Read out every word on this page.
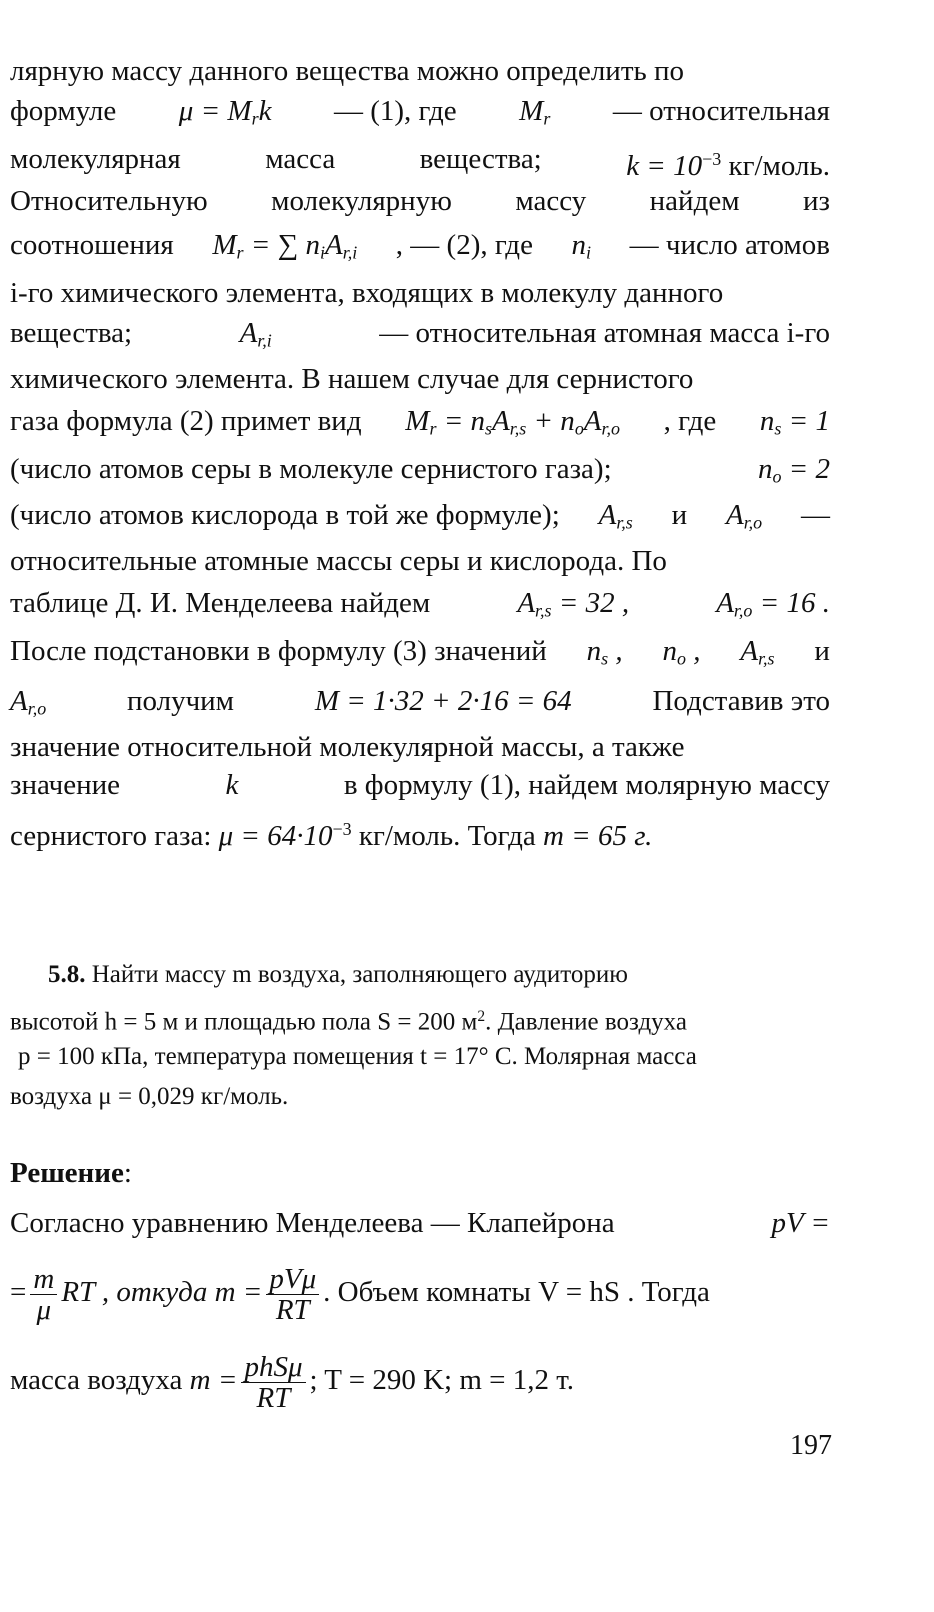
лярную массу данного вещества можно определить по
формуле $\mu = M_rk$ — (1), где $M_r$ — относительная
молекулярная	масса	вещества;	$k = 10^{-3}$ кг/моль.
Относительную молекулярную массу найдем из
соотношения $M_r$ = ∑ $n_iA_{r,i}$ , — (2), где $n_i$ — число атомов
i-го химического элемента, входящих в молекулу данного
вещества;	$A_{r,i}$	— относительная атомная масса i-го
химического элемента. В нашем случае для сернистого
газа формула (2) примет вид $M_r = n_sA_{r,s} + n_oA_{r,o}$ , где $n_s = 1$
(число атомов серы в молекуле сернистого газа);	$n_o = 2$
(число атомов кислорода в той же формуле); $A_{r,s}$ и $A_{r,o}$ —
относительные атомные массы серы и кислорода. По
таблице Д. И. Менделеева найдем	$A_{r,s} = 32$ ,	$A_{r,o} = 16$ .
После подстановки в формулу (3) значений $n_s$ , $n_o$ , $A_{r,s}$ и
$A_{r,o}$	получим	M = 1·32 + 2·16 = 64	Подставив это
значение относительной молекулярной массы, а также
значение	k	в формулу (1), найдем молярную массу
сернистого газа: $\mu = 64\cdot 10^{-3}$ кг/моль. Тогда m = 65 г.
5.8. Найти массу m воздуха, заполняющего аудиторию
высотой h = 5 м и площадью пола S = 200 $м^2$. Давление воздуха
p = 100 кПа, температура помещения t = 17° C. Молярная масса
воздуха μ = 0,029 кг/моль.
Решение:
Согласно уравнению Менделеева — Клапейрона	pV =
= $\frac{m}{\mu}$ RT , откуда $m = \frac{\text{pVμ}}{RT}$ . Объем комнаты V = hS . Тогда
масса воздуха $m = \frac{\text{phSμ}}{RT}$ ; T = 290 K; m = 1,2 т.
197
